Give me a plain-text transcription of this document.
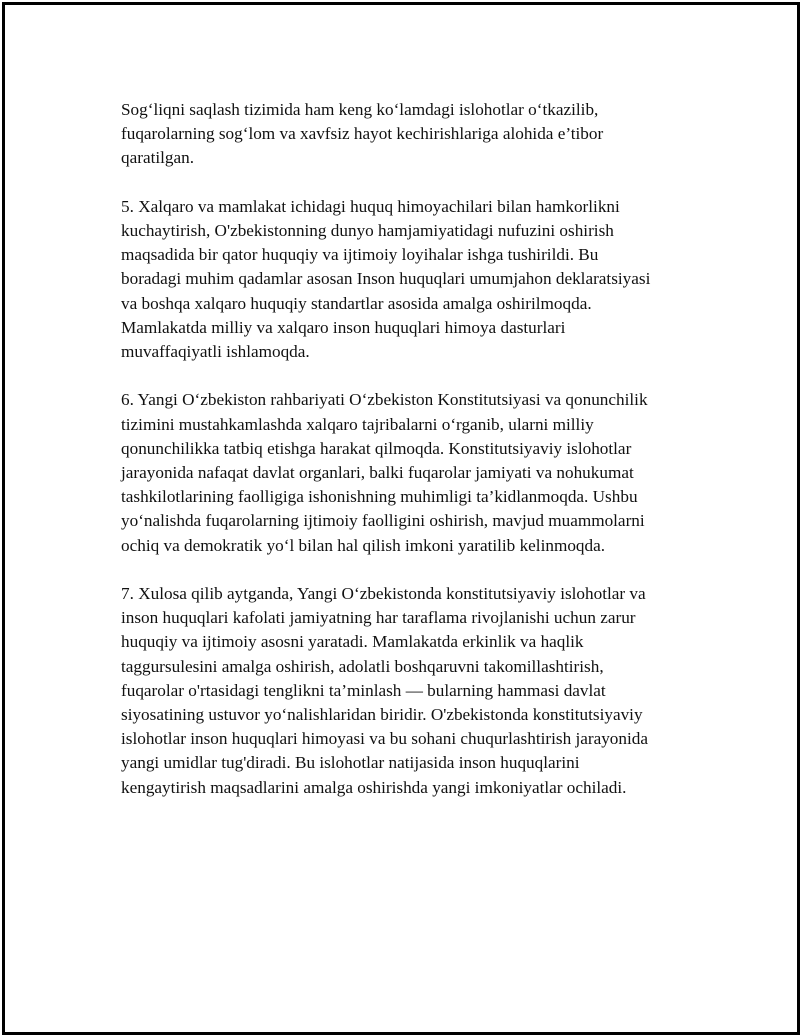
Sog‘liqni saqlash tizimida ham keng ko‘lamdagi islohotlar o‘tkazilib,
fuqarolarning sog‘lom va xavfsiz hayot kechirishlariga alohida e’tibor
qaratilgan.

5. Xalqaro va mamlakat ichidagi huquq himoyachilari bilan hamkorlikni
kuchaytirish, O'zbekistonning dunyo hamjamiyatidagi nufuzini oshirish
maqsadida bir qator huquqiy va ijtimoiy loyihalar ishga tushirildi. Bu
boradagi muhim qadamlar asosan Inson huquqlari umumjahon deklaratsiyasi
va boshqa xalqaro huquqiy standartlar asosida amalga oshirilmoqda.
Mamlakatda milliy va xalqaro inson huquqlari himoya dasturlari
muvaffaqiyatli ishlamoqda.

6. Yangi O‘zbekiston rahbariyati O‘zbekiston Konstitutsiyasi va qonunchilik
tizimini mustahkamlashda xalqaro tajribalarni o‘rganib, ularni milliy
qonunchilikka tatbiq etishga harakat qilmoqda. Konstitutsiyaviy islohotlar
jarayonida nafaqat davlat organlari, balki fuqarolar jamiyati va nohukumat
tashkilotlarining faolligiga ishonishning muhimligi ta’kidlanmoqda. Ushbu
yo‘nalishda fuqarolarning ijtimoiy faolligini oshirish, mavjud muammolarni
ochiq va demokratik yo‘l bilan hal qilish imkoni yaratilib kelinmoqda.

7. Xulosa qilib aytganda, Yangi O‘zbekistonda konstitutsiyaviy islohotlar va
inson huquqlari kafolati jamiyatning har taraflama rivojlanishi uchun zarur
huquqiy va ijtimoiy asosni yaratadi. Mamlakatda erkinlik va haqlik
taggursulesini amalga oshirish, adolatli boshqaruvni takomillashtirish,
fuqarolar o'rtasidagi tenglikni ta’minlash — bularning hammasi davlat
siyosatining ustuvor yo‘nalishlaridan biridir. O'zbekistonda konstitutsiyaviy
islohotlar inson huquqlari himoyasi va bu sohani chuqurlashtirish jarayonida
yangi umidlar tug'diradi. Bu islohotlar natijasida inson huquqlarini
kengaytirish maqsadlarini amalga oshirishda yangi imkoniyatlar ochiladi.
